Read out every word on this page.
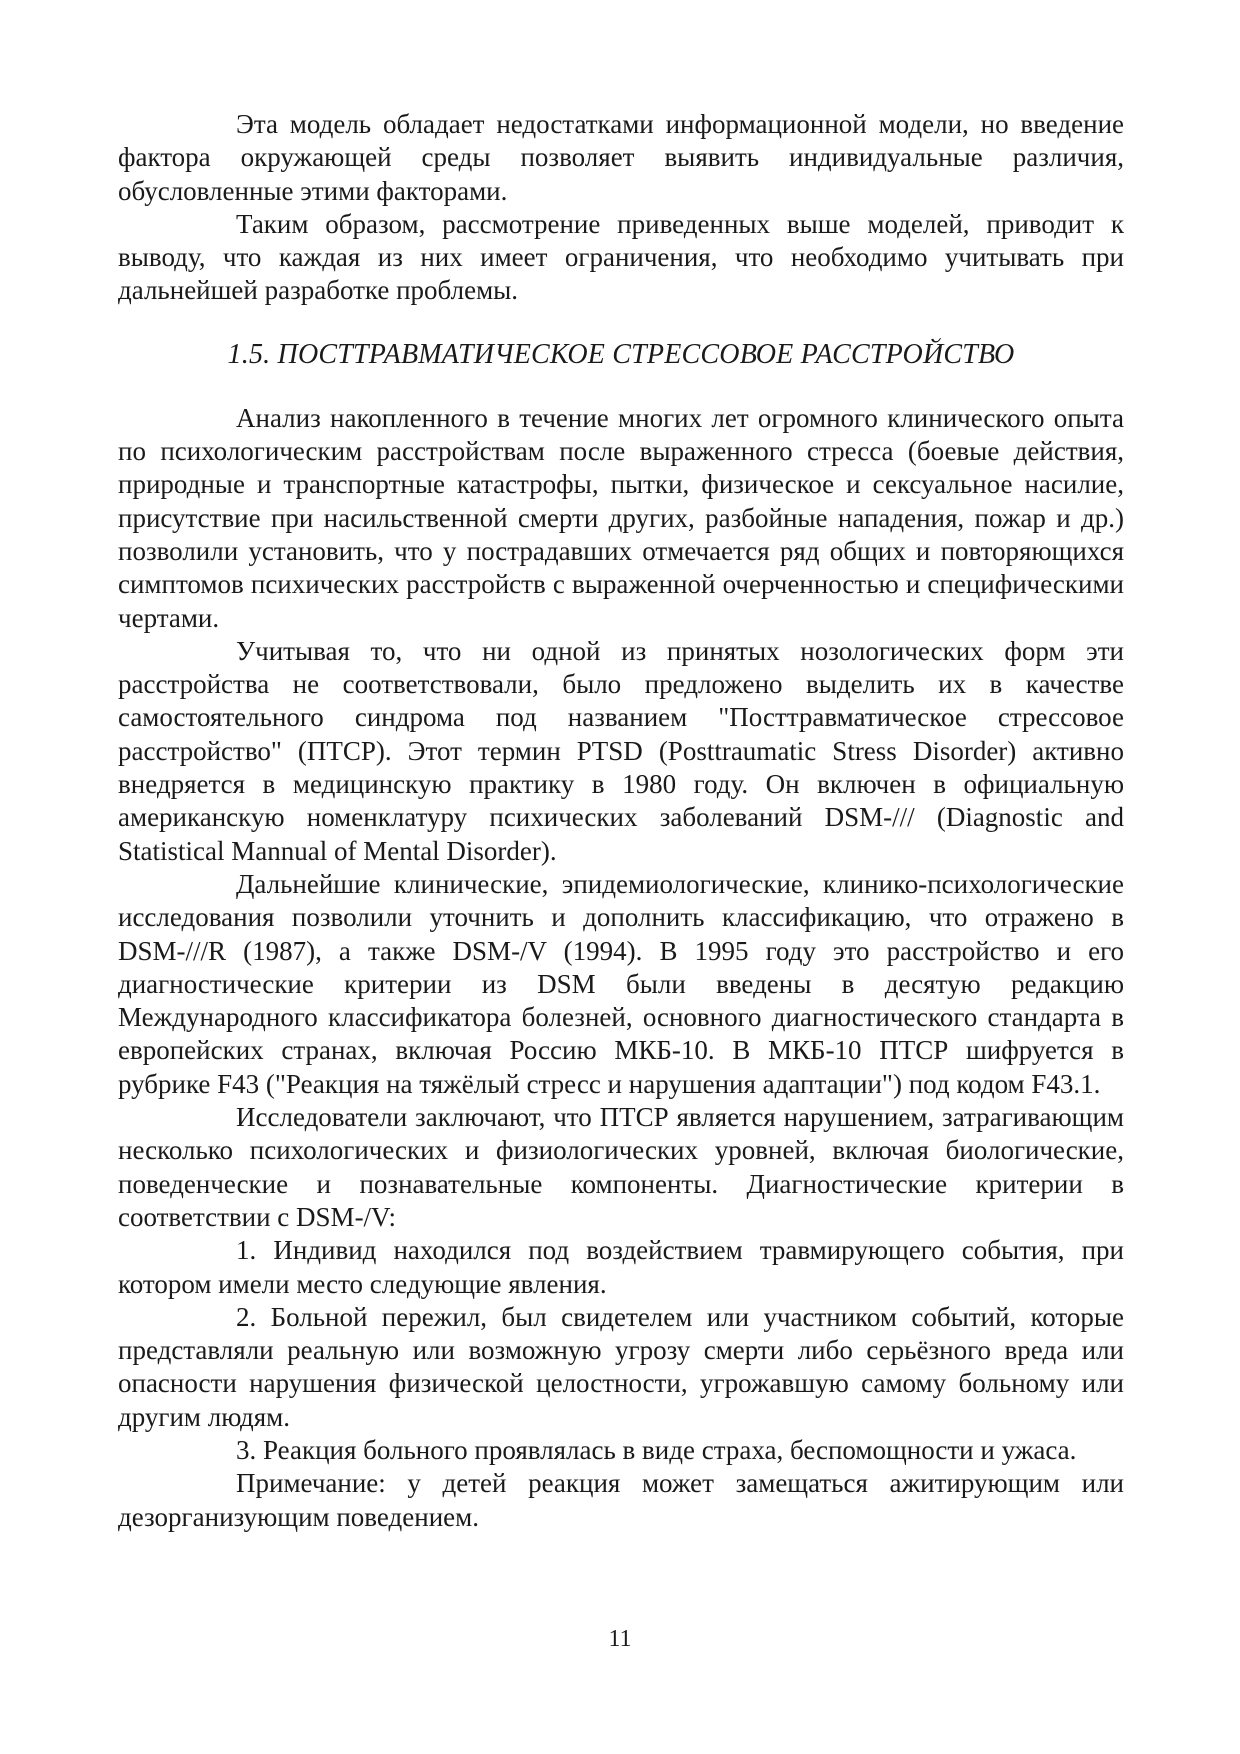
Эта модель обладает недостатками информационной модели, но введение фактора окружающей среды позволяет выявить индивидуальные различия, обусловленные этими факторами.

Таким образом, рассмотрение приведенных выше моделей, приводит к выводу, что каждая из них имеет ограничения, что необходимо учитывать при дальнейшей разработке проблемы.

1.5. ПОСТТРАВМАТИЧЕСКОЕ СТРЕССОВОЕ РАССТРОЙСТВО

Анализ накопленного в течение многих лет огромного клинического опыта по психологическим расстройствам после выраженного стресса (боевые действия, природные и транспортные катастрофы, пытки, физическое и сексуальное насилие, присутствие при насильственной смерти других, разбойные нападения, пожар и др.) позволили установить, что у пострадавших отмечается ряд общих и повторяющихся симптомов психических расстройств с выраженной очерченностью и специфическими чертами.

Учитывая то, что ни одной из принятых нозологических форм эти расстройства не соответствовали, было предложено выделить их в качестве самостоятельного синдрома под названием "Посттравматическое стрессовое расстройство" (ПТСР). Этот термин PTSD (Posttraumatic Stress Disorder) активно внедряется в медицинскую практику в 1980 году. Он включен в официальную американскую номенклатуру психических заболеваний DSM-/// (Diagnostic and Statistical Mannual of Mental Disorder).

Дальнейшие клинические, эпидемиологические, клинико-психологические исследования позволили уточнить и дополнить классификацию, что отражено в DSM-///R (1987), а также DSM-/V (1994). В 1995 году это расстройство и его диагностические критерии из DSM были введены в десятую редакцию Международного классификатора болезней, основного диагностического стандарта в европейских странах, включая Россию МКБ-10. В МКБ-10 ПТСР шифруется в рубрике F43 ("Реакция на тяжёлый стресс и нарушения адаптации") под кодом F43.1.

Исследователи заключают, что ПТСР является нарушением, затрагивающим несколько психологических и физиологических уровней, включая биологические, поведенческие и познавательные компоненты. Диагностические критерии в соответствии с DSM-/V:

1. Индивид находился под воздействием травмирующего события, при котором имели место следующие явления.

2. Больной пережил, был свидетелем или участником событий, которые представляли реальную или возможную угрозу смерти либо серьёзного вреда или опасности нарушения физической целостности, угрожавшую самому больному или другим людям.

3. Реакция больного проявлялась в виде страха, беспомощности и ужаса.

Примечание: у детей реакция может замещаться ажитирующим или дезорганизующим поведением.

11
